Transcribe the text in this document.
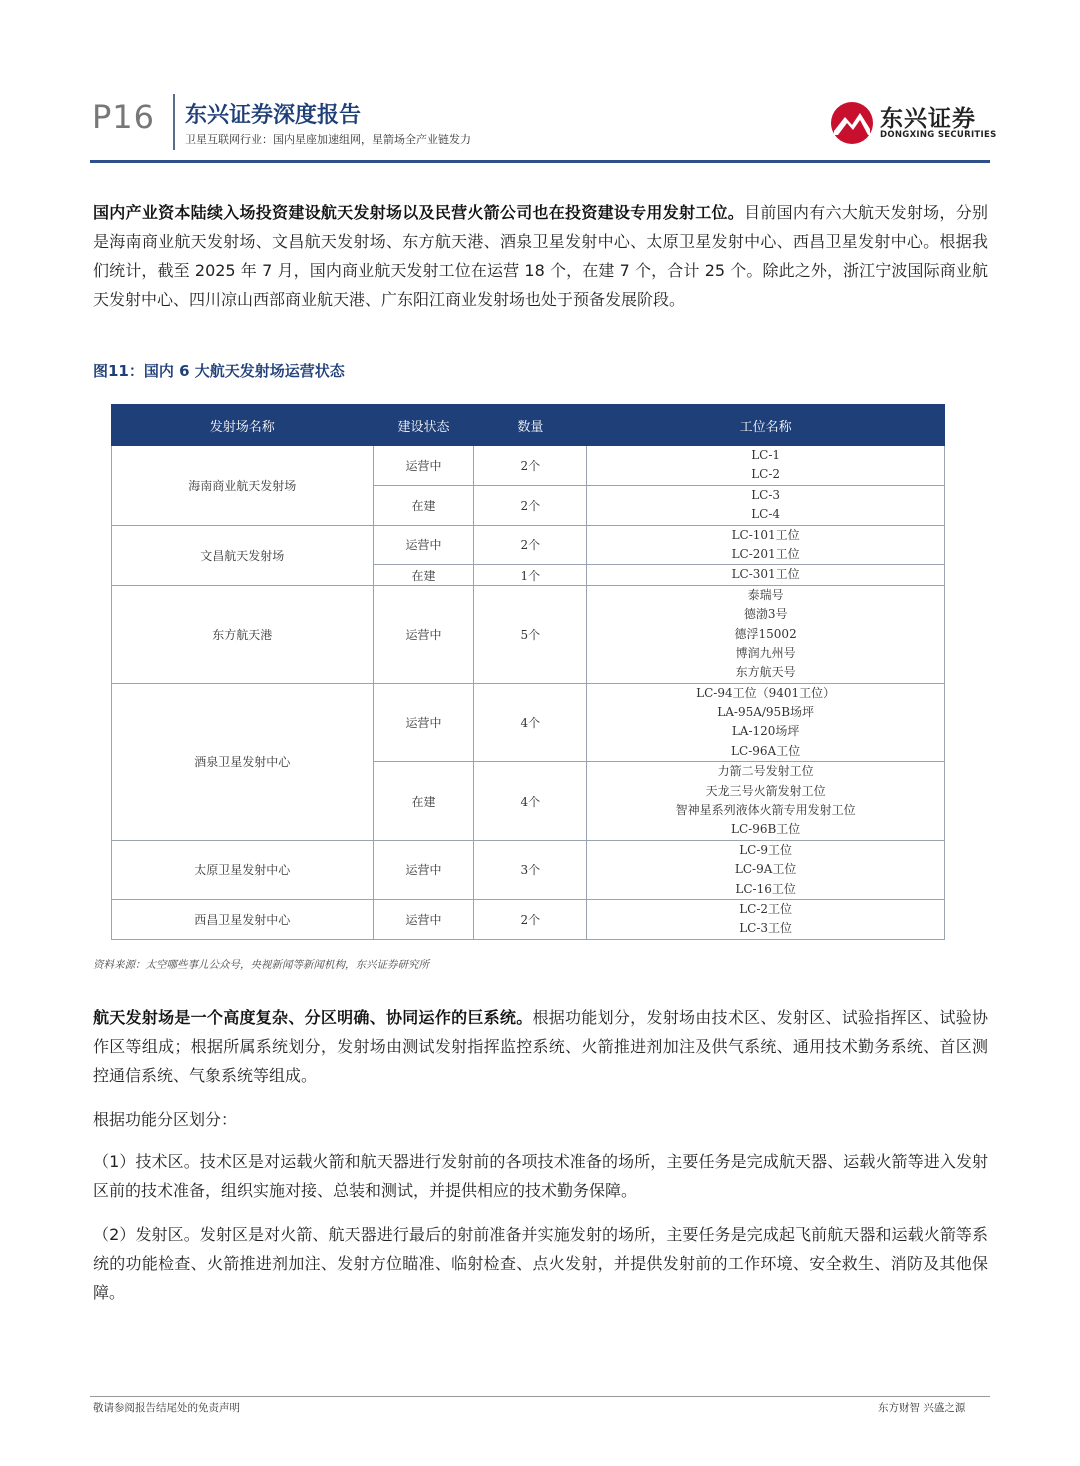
P16 东兴证券深度报告
卫星互联网行业：国内星座加速组网，星箭场全产业链发力
东兴证券
DONGXING SECURITIES
国内产业资本陆续入场投资建设航天发射场以及民营火箭公司也在投资建设专用发射工位。目前国内有六大航天发射场，分别是海南商业航天发射场、文昌航天发射场、东方航天港、酒泉卫星发射中心、太原卫星发射中心、西昌卫星发射中心。根据我们统计，截至 2025 年 7 月，国内商业航天发射工位在运营 18 个，在建 7 个，合计 25 个。除此之外，浙江宁波国际商业航天发射中心、四川凉山西部商业航天港、广东阳江商业发射场也处于预备发展阶段。
图11：国内 6 大航天发射场运营状态
发射场名称	建设状态	数量	工位名称
海南商业航天发射场	运营中	2个	LC-1
LC-2

	在建	2个	LC-3
LC-4

文昌航天发射场	运营中	2个	LC-101工位
LC-201工位

	在建	1个	LC-301工位

东方航天港	运营中	5个	泰瑞号
德渤3号
德浮15002
博润九州号
东方航天号

酒泉卫星发射中心	运营中	4个	LC-94工位（9401工位）
LA-95A/95B场坪
LA-120场坪
LC-96A工位

	在建	4个	力箭二号发射工位
天龙三号火箭发射工位
智神星系列液体火箭专用发射工位
LC-96B工位

太原卫星发射中心	运营中	3个	LC-9工位
LC-9A工位
LC-16工位

西昌卫星发射中心	运营中	2个	LC-2工位
LC-3工位
资料来源：太空哪些事儿公众号，央视新闻等新闻机构，东兴证券研究所
航天发射场是一个高度复杂、分区明确、协同运作的巨系统。根据功能划分，发射场由技术区、发射区、试验指挥区、试验协作区等组成；根据所属系统划分，发射场由测试发射指挥监控系统、火箭推进剂加注及供气系统、通用技术勤务系统、首区测控通信系统、气象系统等组成。
根据功能分区划分：
（1）技术区。技术区是对运载火箭和航天器进行发射前的各项技术准备的场所，主要任务是完成航天器、运载火箭等进入发射区前的技术准备，组织实施对接、总装和测试，并提供相应的技术勤务保障。
（2）发射区。发射区是对火箭、航天器进行最后的射前准备并实施发射的场所，主要任务是完成起飞前航天器和运载火箭等系统的功能检查、火箭推进剂加注、发射方位瞄准、临射检查、点火发射，并提供发射前的工作环境、安全救生、消防及其他保障。
敬请参阅报告结尾处的免责声明	东方财智 兴盛之源
